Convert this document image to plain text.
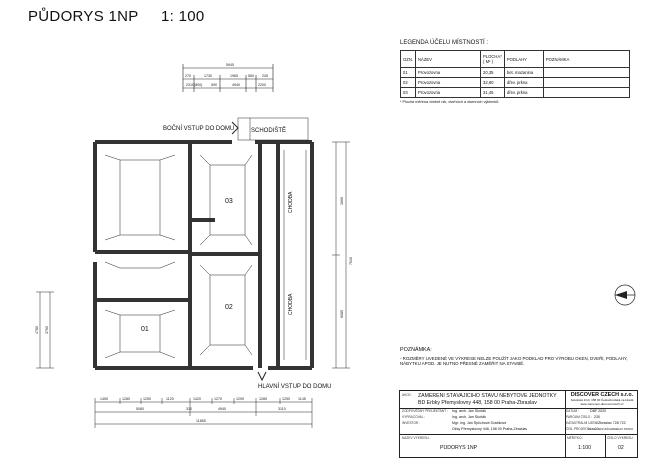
PŮDORYS 1NP 1: 100
BOČNÍ VSTUP DO DOMU	SCHODIŠTĚ
HLAVNÍ VSTUP DO DOMU
01
02
03	CHODBA
CHODBA
5945
270	1730	1965	560 245
2310(800) 590	4940	2200
1450	1280	1250	1120	1420	1270	1290	1280	1250 1145
5080	310	4940	3110
11855
1660
7010
6085
4780 3760
LEGENDA ÚČELU MÍSTNOSTÍ :
OZN.	NÁZEV	PLOCHA* ( M² )	PODLAHY	POZNÁMKA
01	Provozovna	20,35	bet. mazanina	
02	Provozovna	32,60	dřev. prkna	
03	Provozovna	31,45	dřev. prkna	
* Plocha měřena včetně nik, dveřních a okenních výklenků.
POZNÁMKA:
- ROZMĚRY UVEDENÉ VE VÝKRESE NELZE POUŽÍT JAKO PODKLAD PRO VÝROBU OKEN, DVEŘÍ, PODLAHY, NÁBYTKU APOD. JE NUTNO PŘESNĚ ZAMĚŘIT NA STAVBĚ.
AKCE: ZAMĚŘENÍ STÁVAJÍCÍHO STAVU NEBYTOVÉ JEDNOTKY
BD Erbky Přemyslovny 448, 158 00 Praha-Zbraslav
DISCOVER CZECH s.r.o.
Sokolská 1/10, 158 00 Českobrodská na Hradě
www.zamereni-discoverczech.cz
ZODPOVĚDNÝ PROJEKTANT : Ing. arch. Jan Skořák	DATUM :	DBF 2020
VYPRACOVAL :	Ing. arch. Jan Skořák	PAROUM ČÍSLO : 230
INVESTOR :	Mgr. Ing. Jan Šplíchová Svatíková	KATASTRÁLNÍ ÚZEMÍ :
Zbraslav 728 722
Ožky Přemyslovny 448, 158 00 Praha-Zbraslav	ČÍSL PROJEKTU :
ZAMĚŘENÍ ZÁVADNÉHO STAVU
NÁZEV VÝKRESU :
PŮDORYS 1NP
MĚŘÍTKO :
1:100
ČÍSLO VÝKRESU :
02
